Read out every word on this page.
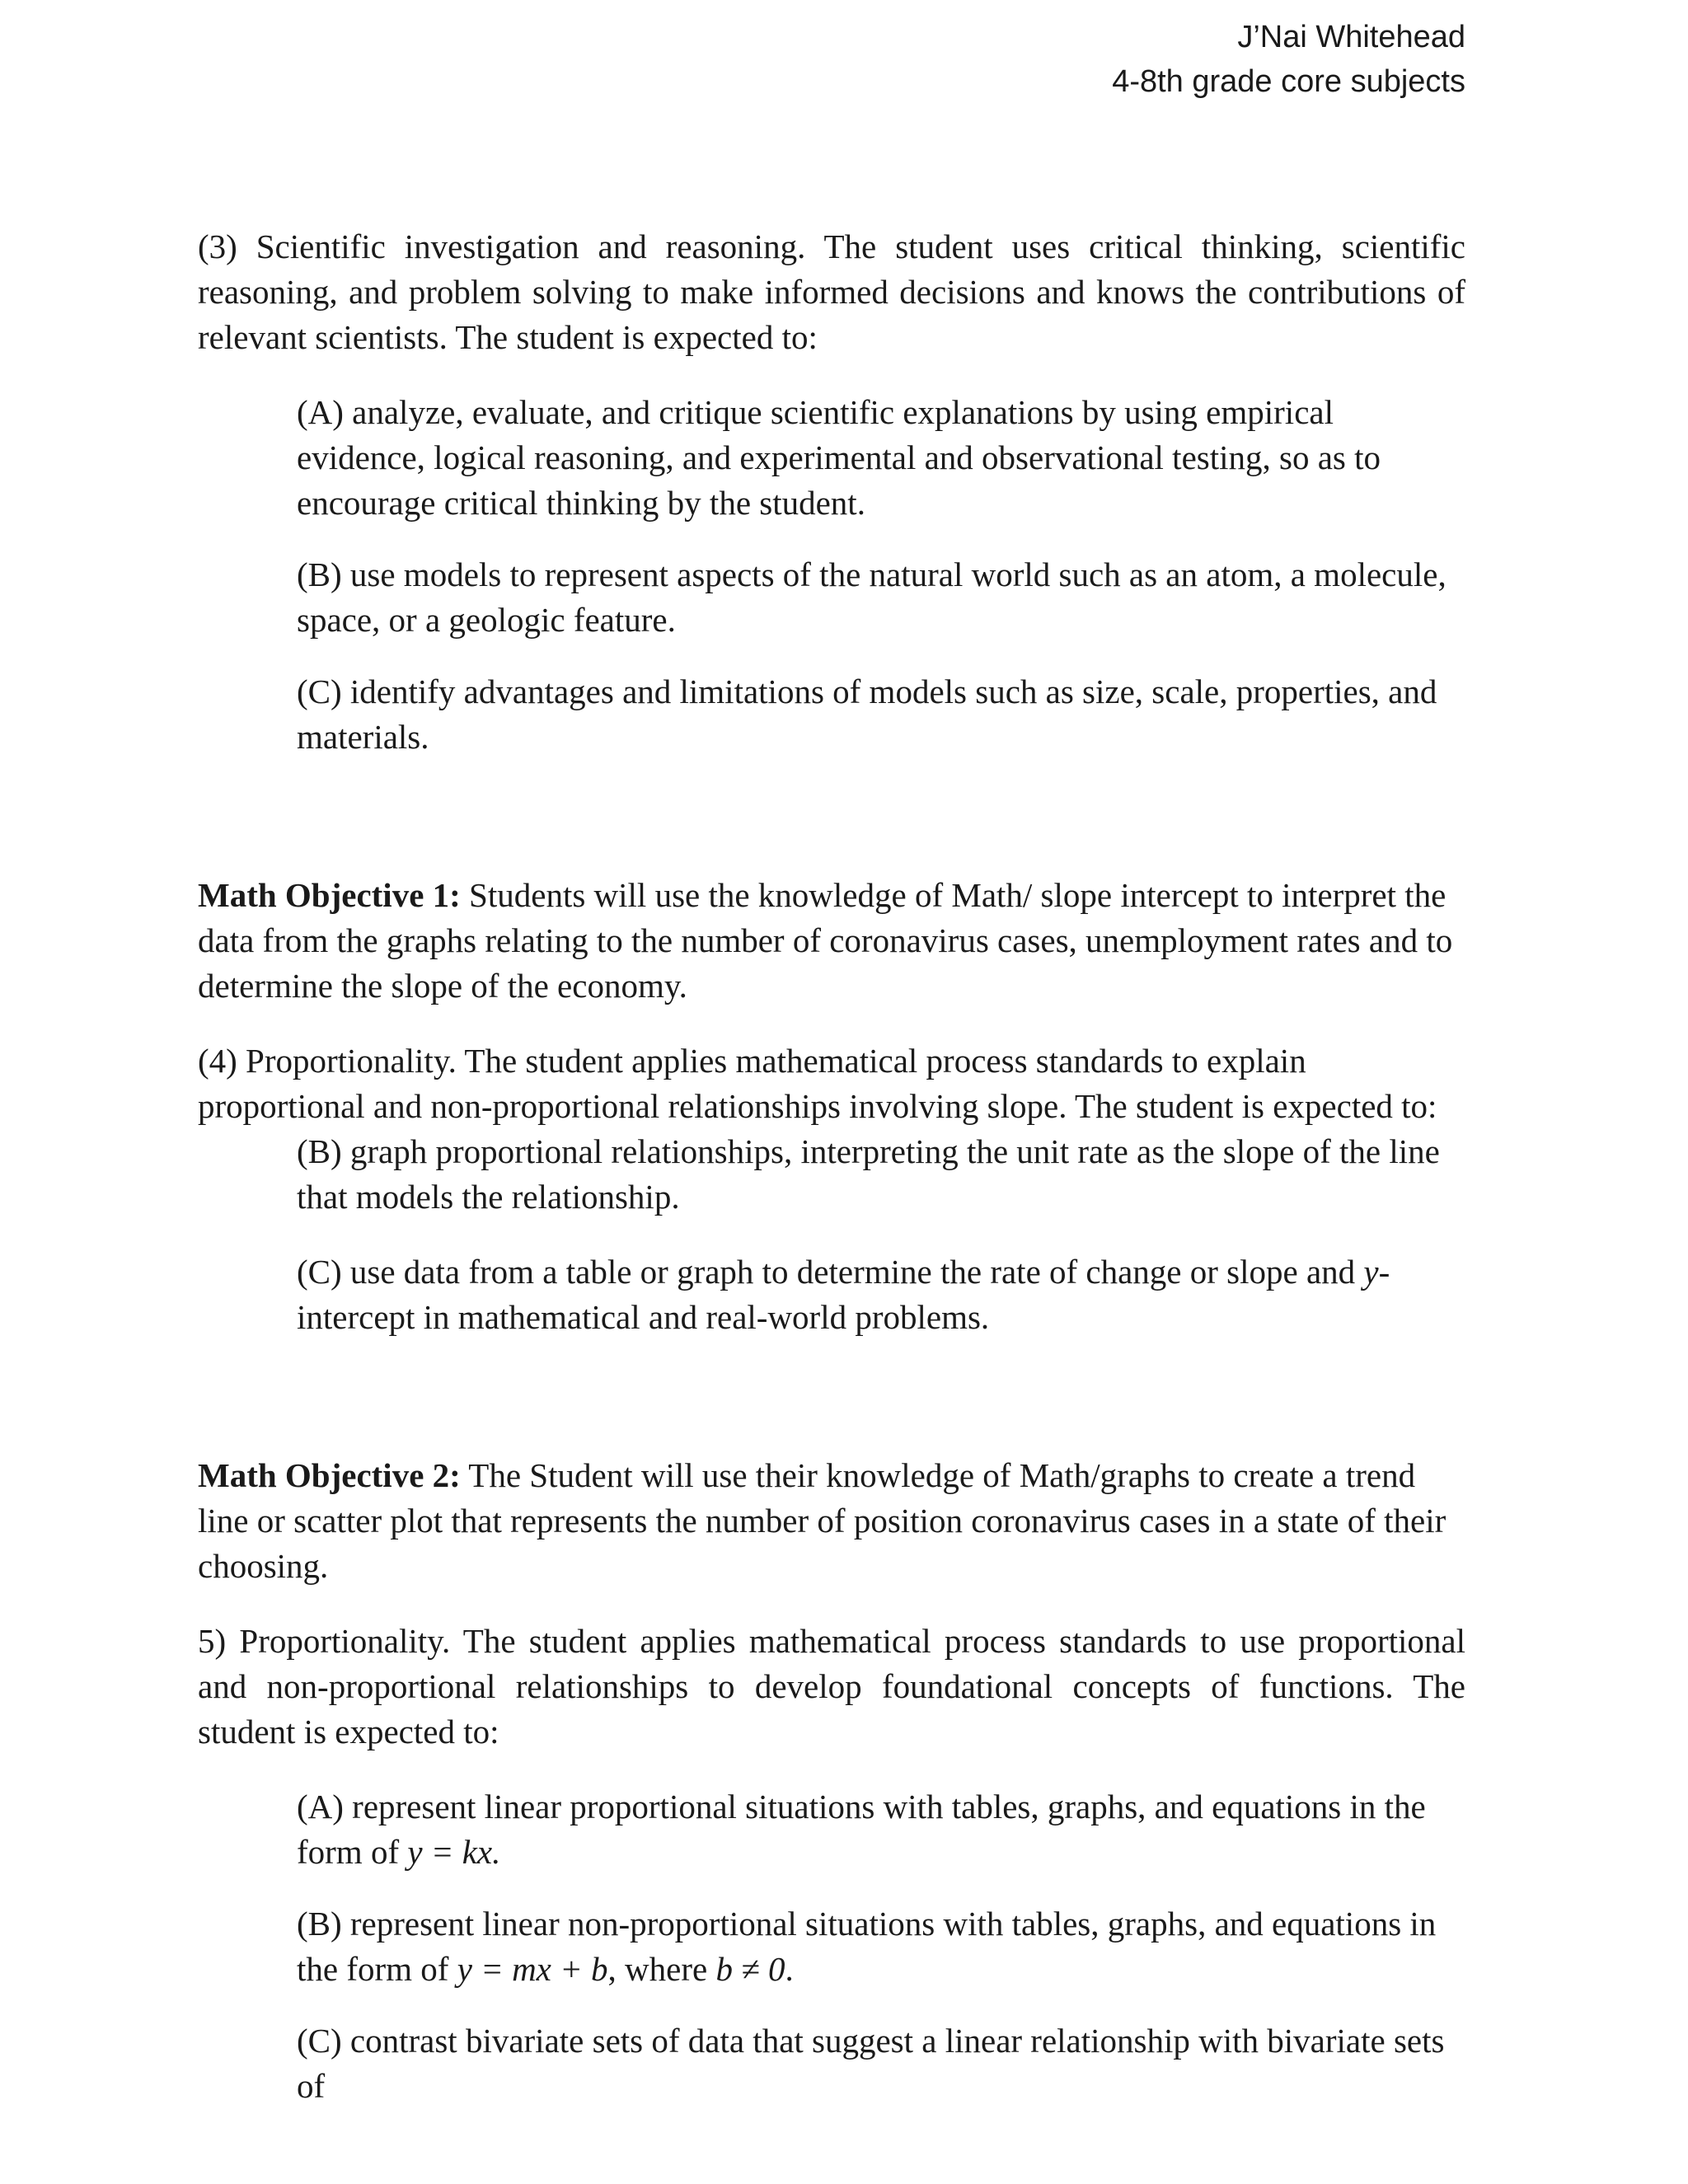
J’Nai Whitehead
4-8th grade core subjects

(3) Scientific investigation and reasoning. The student uses critical thinking, scientific reasoning, and problem solving to make informed decisions and knows the contributions of relevant scientists. The student is expected to:

(A) analyze, evaluate, and critique scientific explanations by using empirical evidence, logical reasoning, and experimental and observational testing, so as to encourage critical thinking by the student.

(B) use models to represent aspects of the natural world such as an atom, a molecule, space, or a geologic feature.

(C) identify advantages and limitations of models such as size, scale, properties, and materials.

Math Objective 1: Students will use the knowledge of Math/ slope intercept to interpret the data from the graphs relating to the number of coronavirus cases, unemployment rates and to determine the slope of the economy.

(4) Proportionality. The student applies mathematical process standards to explain proportional and non-proportional relationships involving slope. The student is expected to:

(B) graph proportional relationships, interpreting the unit rate as the slope of the line that models the relationship.

(C) use data from a table or graph to determine the rate of change or slope and y-intercept in mathematical and real-world problems.

Math Objective 2: The Student will use their knowledge of Math/graphs to create a trend line or scatter plot that represents the number of position coronavirus cases in a state of their choosing.

5) Proportionality. The student applies mathematical process standards to use proportional and non-proportional relationships to develop foundational concepts of functions. The student is expected to:

(A) represent linear proportional situations with tables, graphs, and equations in the form of y = kx.

(B) represent linear non-proportional situations with tables, graphs, and equations in the form of y = mx + b, where b ≠ 0.

(C) contrast bivariate sets of data that suggest a linear relationship with bivariate sets of
